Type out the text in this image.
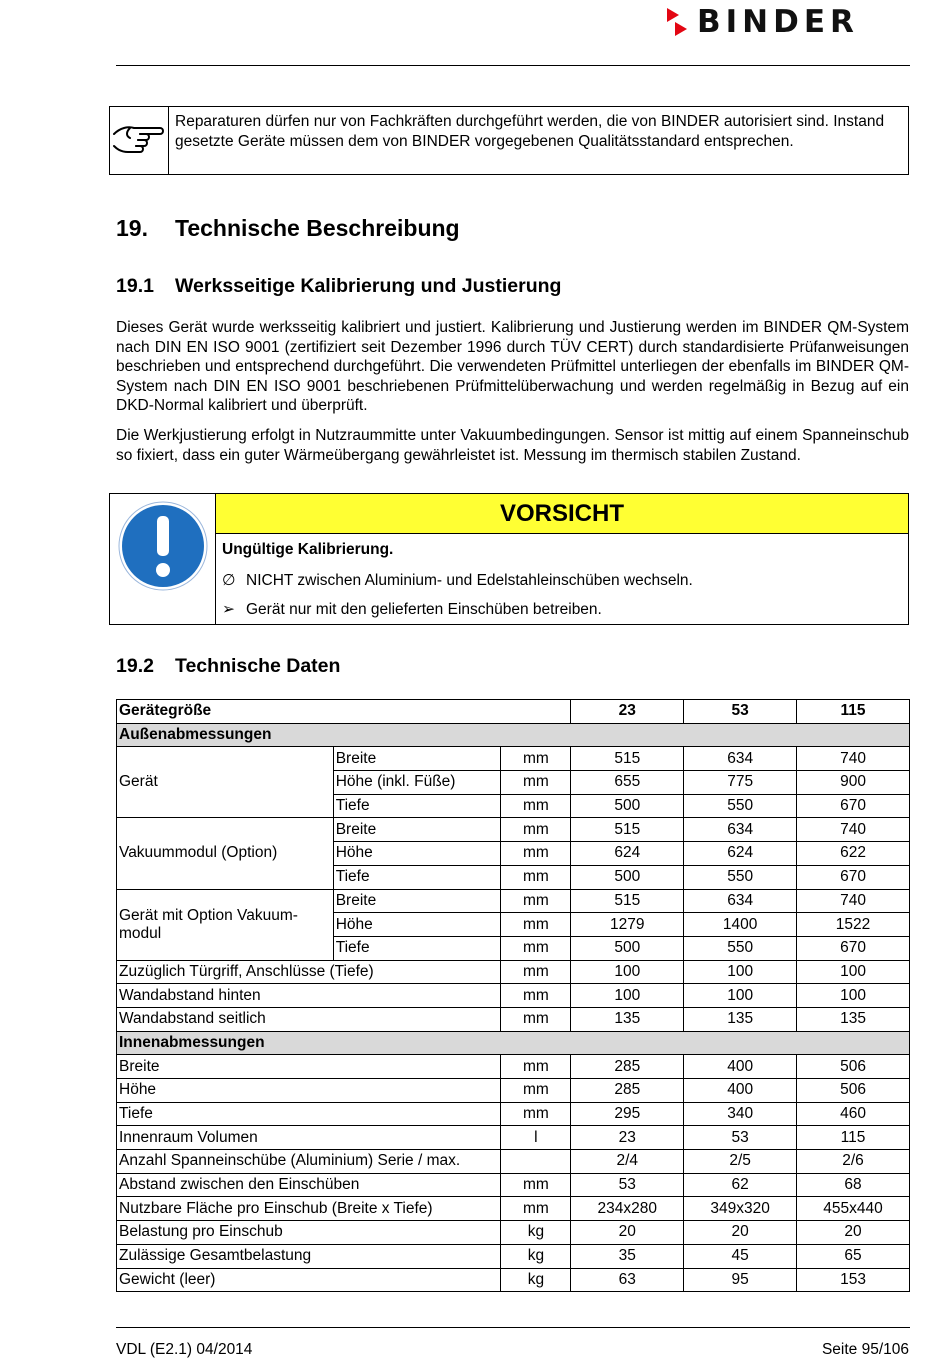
BINDER
Reparaturen dürfen nur von Fachkräften durchgeführt werden, die von BINDER autorisiert sind. Instand gesetzte Geräte müssen dem von BINDER vorgegebenen Qualitätsstandard entsprechen.
19. Technische Beschreibung
19.1 Werksseitige Kalibrierung und Justierung

Dieses Gerät wurde werksseitig kalibriert und justiert. Kalibrierung und Justierung werden im BINDER QM-System nach DIN EN ISO 9001 (zertifiziert seit Dezember 1996 durch TÜV CERT) durch standardisierte Prüfanweisungen beschrieben und entsprechend durchgeführt. Die verwendeten Prüfmittel unterliegen der ebenfalls im BINDER QM-System nach DIN EN ISO 9001 beschriebenen Prüfmittelüberwachung und werden regelmäßig in Bezug auf ein DKD-Normal kalibriert und überprüft.

Die Werkjustierung erfolgt in Nutzraummitte unter Vakuumbedingungen. Sensor ist mittig auf einem Spanneinschub so fixiert, dass ein guter Wärmeübergang gewährleistet ist. Messung im thermisch stabilen Zustand.

VORSICHT
Ungültige Kalibrierung.
∅ NICHT zwischen Aluminium- und Edelstahleinschüben wechseln.
➢ Gerät nur mit den gelieferten Einschüben betreiben.
19.2 Technische Daten
Gerätegröße			23	53	115
Außenabmessungen					
Gerät	Breite	mm	515	634	740
	Höhe (inkl. Füße)	mm	655	775	900
	Tiefe	mm	500	550	670
Vakuummodul (Option)	Breite	mm	515	634	740
	Höhe	mm	624	624	622
	Tiefe	mm	500	550	670
Gerät mit Option Vakuum-modul	Breite	mm	515	634	740
	Höhe	mm	1279	1400	1522
	Tiefe	mm	500	550	670
Zuzüglich Türgriff, Anschlüsse (Tiefe)		mm	100	100	100
Wandabstand hinten		mm	100	100	100
Wandabstand seitlich		mm	135	135	135
Innenabmessungen					
Breite		mm	285	400	506
Höhe		mm	285	400	506
Tiefe		mm	295	340	460
Innenraum Volumen		l	23	53	115
Anzahl Spanneinschübe (Aluminium) Serie / max.			2/4	2/5	2/6
Abstand zwischen den Einschüben		mm	53	62	68
Nutzbare Fläche pro Einschub (Breite x Tiefe)		mm	234x280	349x320	455x440
Belastung pro Einschub		kg	20	20	20
Zulässige Gesamtbelastung		kg	35	45	65
Gewicht (leer)		kg	63	95	153
VDL (E2.1) 04/2014	Seite 95/106
